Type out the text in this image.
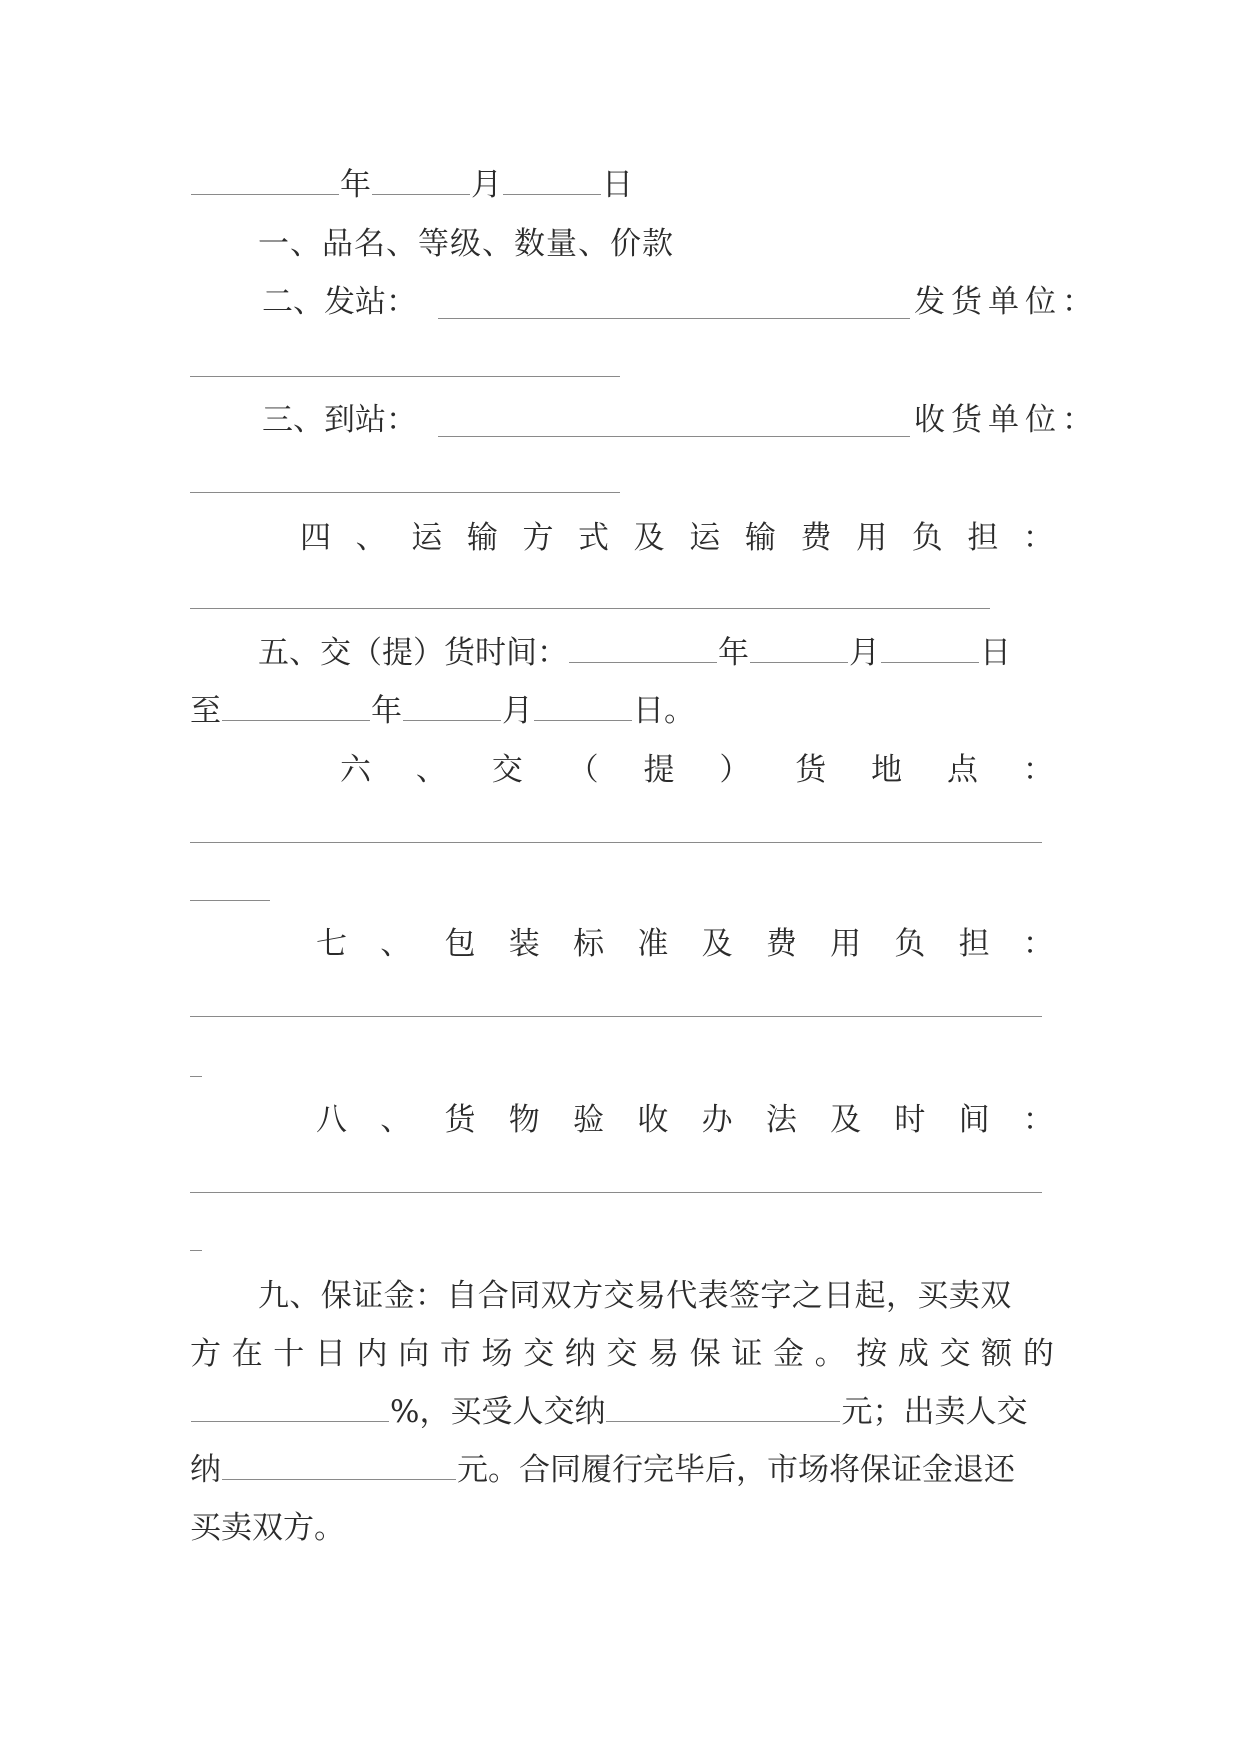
年	月	日
一、品名、等级、数量、价款
二、发站：	发货单位：
三、到站：	收货单位：
四 、 运 输 方 式 及 运 输 费 用 负 担 ：
五、交（提）货时间：	年	月	日
至	年	月	日。
六 、 交 （ 提 ） 货 地 点 ：
七 、 包 装 标 准 及 费 用 负 担 ：
八 、 货 物 验 收 办 法 及 时 间 ：
九、保证金：自合同双方交易代表签字之日起，买卖双
方 在 十 日 内 向 市 场 交 纳 交 易 保 证 金 。 按 成 交 额 的
%，买受人交纳	元；出卖人交
纳	元。合同履行完毕后，市场将保证金退还
买卖双方。
